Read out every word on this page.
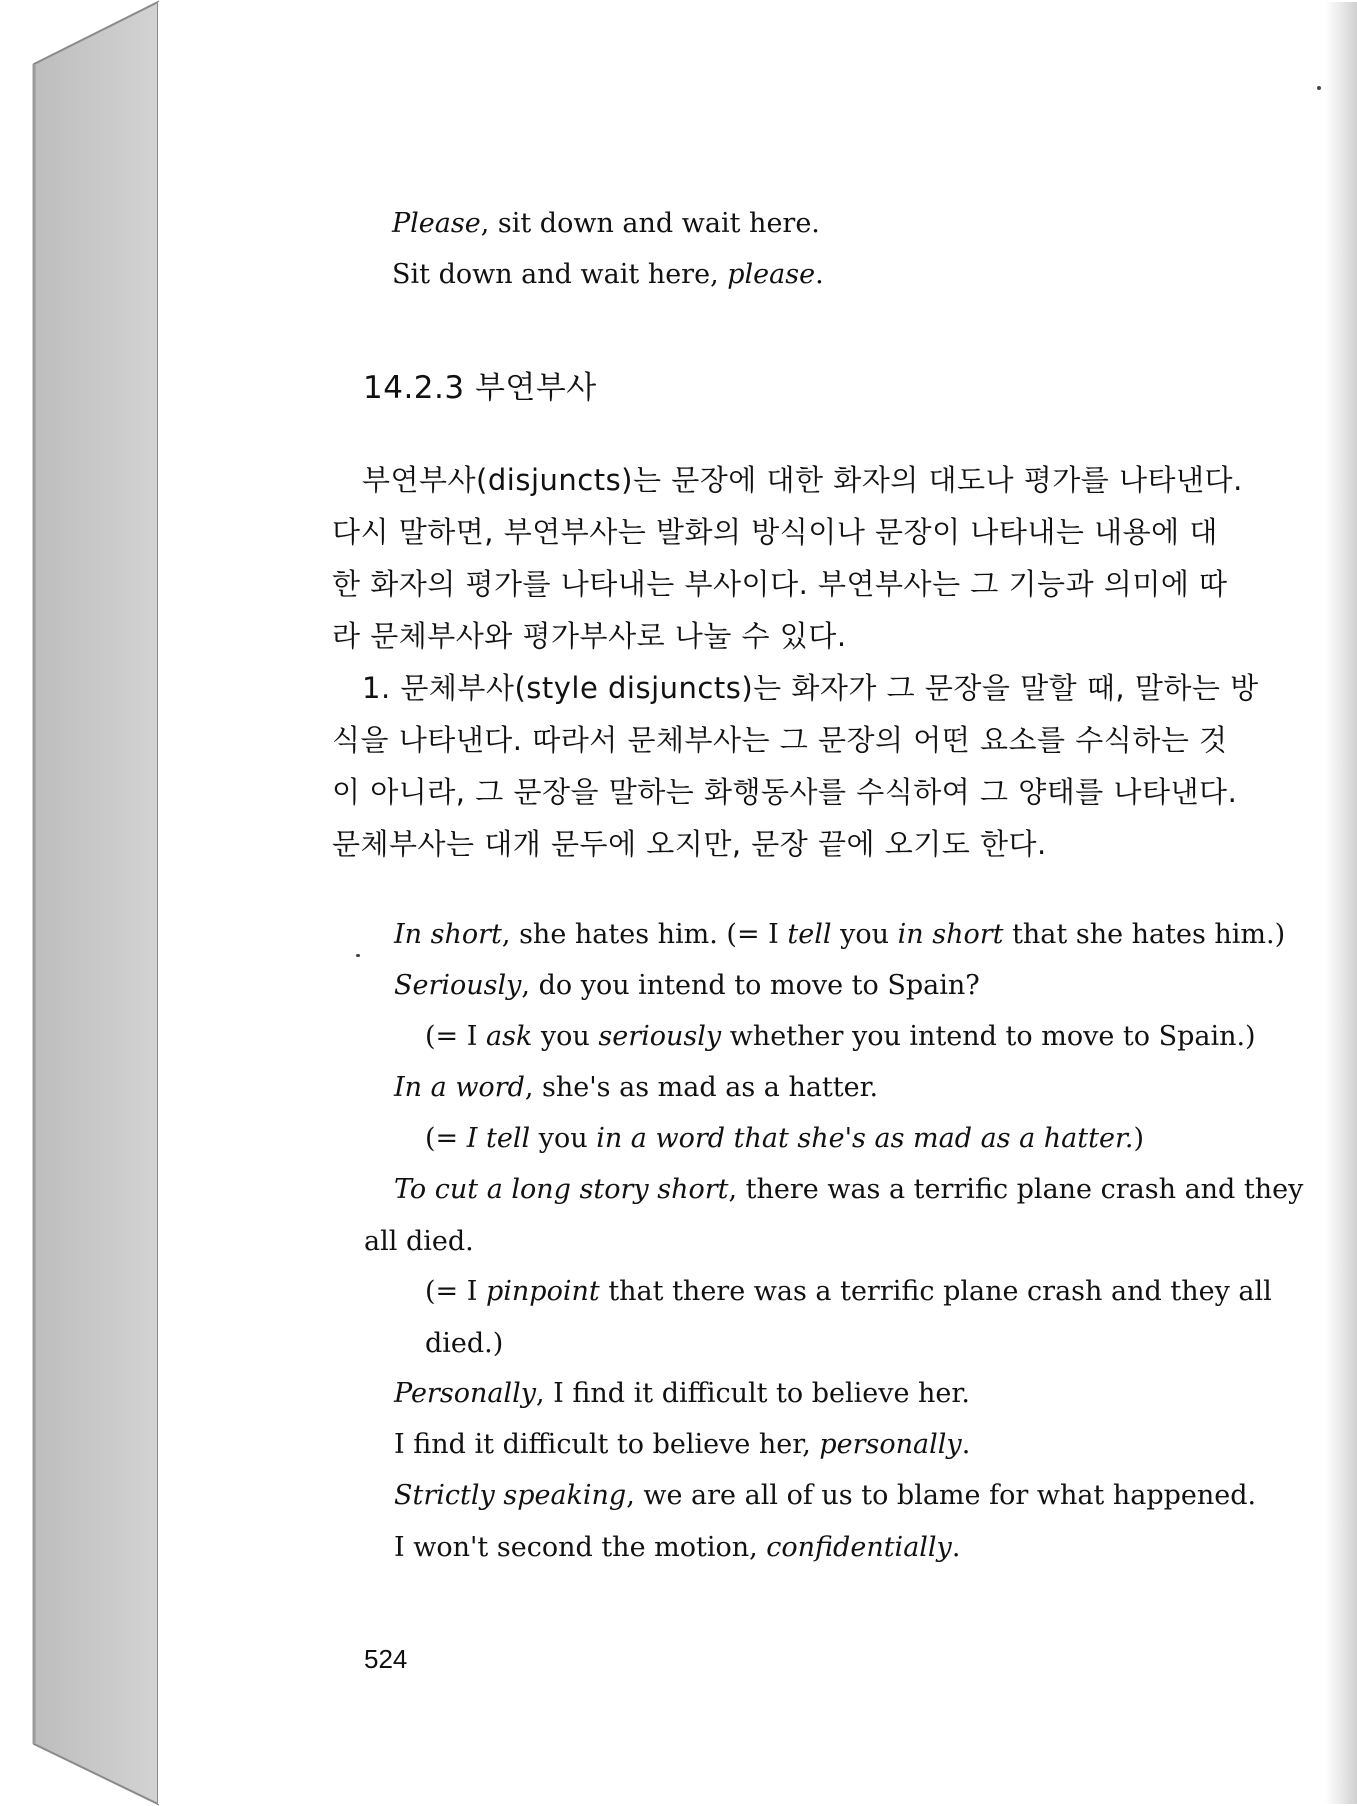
Please, sit down and wait here.
Sit down and wait here, please.
14.2.3 부연부사
부연부사(disjuncts)는 문장에 대한 화자의 대도나 평가를 나타낸다.
다시 말하면, 부연부사는 발화의 방식이나 문장이 나타내는 내용에 대
한 화자의 평가를 나타내는 부사이다. 부연부사는 그 기능과 의미에 따
라 문체부사와 평가부사로 나눌 수 있다.
1. 문체부사(style disjuncts)는 화자가 그 문장을 말할 때, 말하는 방
식을 나타낸다. 따라서 문체부사는 그 문장의 어떤 요소를 수식하는 것
이 아니라, 그 문장을 말하는 화행동사를 수식하여 그 양태를 나타낸다.
문체부사는 대개 문두에 오지만, 문장 끝에 오기도 한다.
In short, she hates him. (= I tell you in short that she hates him.)
Seriously, do you intend to move to Spain?
(= I ask you seriously whether you intend to move to Spain.)
In a word, she's as mad as a hatter.
(= I tell you in a word that she's as mad as a hatter.)
To cut a long story short, there was a terrific plane crash and they
all died.
(= I pinpoint that there was a terrific plane crash and they all
died.)
Personally, I find it difficult to believe her.
I find it difficult to believe her, personally.
Strictly speaking, we are all of us to blame for what happened.
I won't second the motion, confidentially.
524
